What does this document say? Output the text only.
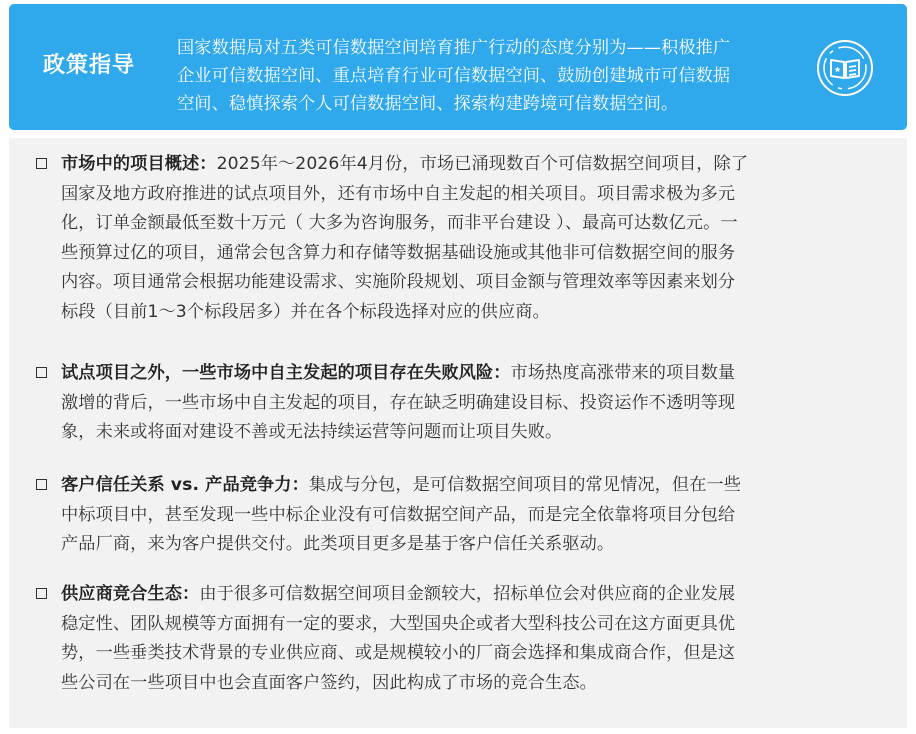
政策指导
国家数据局对五类可信数据空间培育推广行动的态度分别为——积极推广
企业可信数据空间、重点培育行业可信数据空间、鼓励创建城市可信数据
空间、稳慎探索个人可信数据空间、探索构建跨境可信数据空间。

市场中的项目概述：2025年～2026年4月份，市场已涌现数百个可信数据空间项目，除了
国家及地方政府推进的试点项目外，还有市场中自主发起的相关项目。项目需求极为多元
化，订单金额最低至数十万元（ 大多为咨询服务，而非平台建设 ）、最高可达数亿元。一
些预算过亿的项目，通常会包含算力和存储等数据基础设施或其他非可信数据空间的服务
内容。项目通常会根据功能建设需求、实施阶段规划、项目金额与管理效率等因素来划分
标段（目前1～3个标段居多）并在各个标段选择对应的供应商。

试点项目之外，一些市场中自主发起的项目存在失败风险：市场热度高涨带来的项目数量
激增的背后，一些市场中自主发起的项目，存在缺乏明确建设目标、投资运作不透明等现
象，未来或将面对建设不善或无法持续运营等问题而让项目失败。

客户信任关系 vs. 产品竞争力：集成与分包，是可信数据空间项目的常见情况，但在一些
中标项目中，甚至发现一些中标企业没有可信数据空间产品，而是完全依靠将项目分包给
产品厂商，来为客户提供交付。此类项目更多是基于客户信任关系驱动。

供应商竞合生态：由于很多可信数据空间项目金额较大，招标单位会对供应商的企业发展
稳定性、团队规模等方面拥有一定的要求，大型国央企或者大型科技公司在这方面更具优
势，一些垂类技术背景的专业供应商、或是规模较小的厂商会选择和集成商合作，但是这
些公司在一些项目中也会直面客户签约，因此构成了市场的竞合生态。
